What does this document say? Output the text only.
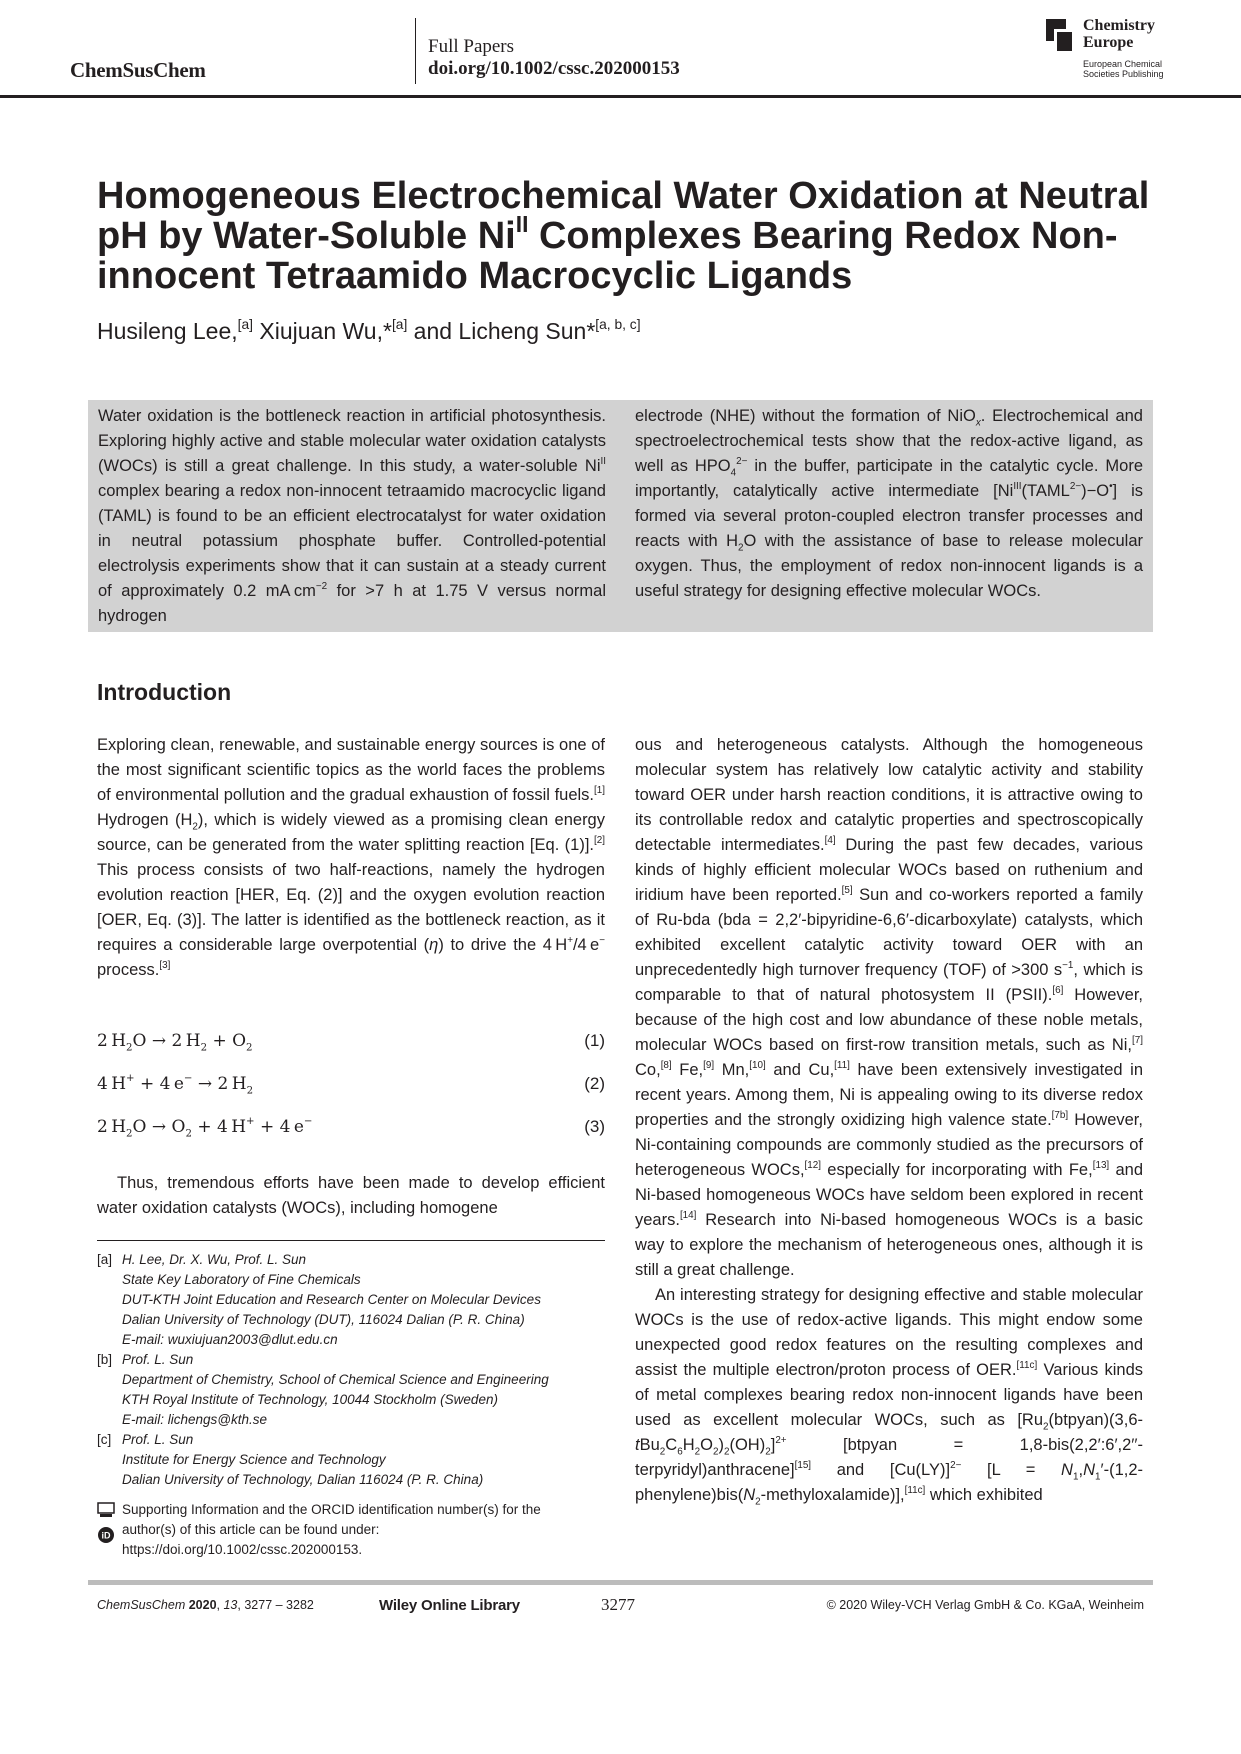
ChemSusChem
Full Papers
doi.org/10.1002/cssc.202000153
Chemistry
Europe
European Chemical
Societies Publishing
Homogeneous Electrochemical Water Oxidation at Neutral pH by Water-Soluble $Ni^{II}$ Complexes Bearing Redox Non-innocent Tetraamido Macrocyclic Ligands
Husileng Lee,[a] Xiujuan Wu,*[a] and Licheng Sun*[a, b, c]
Water oxidation is the bottleneck reaction in artificial photosynthesis. Exploring highly active and stable molecular water oxidation catalysts (WOCs) is still a great challenge. In this study, a water-soluble $Ni^{II}$ complex bearing a redox non-innocent tetraamido macrocyclic ligand (TAML) is found to be an efficient electrocatalyst for water oxidation in neutral potassium phosphate buffer. Controlled-potential electrolysis experiments show that it can sustain at a steady current of approximately 0.2 mA $cm^{-2}$ for >7 h at 1.75 V versus normal hydrogen
electrode (NHE) without the formation of NiO$_x$. Electrochemical and spectroelectrochemical tests show that the redox-active ligand, as well as $HPO_4^{2-}$ in the buffer, participate in the catalytic cycle. More importantly, catalytically active intermediate $[Ni^{III}(TAML^{2-})-O^•]$ is formed via several proton-coupled electron transfer processes and reacts with $H_2O$ with the assistance of base to release molecular oxygen. Thus, the employment of redox non-innocent ligands is a useful strategy for designing effective molecular WOCs.
Introduction

Exploring clean, renewable, and sustainable energy sources is one of the most significant scientific topics as the world faces the problems of environmental pollution and the gradual exhaustion of fossil fuels.[1] Hydrogen $(H_2)$, which is widely viewed as a promising clean energy source, can be generated from the water splitting reaction [Eq. (1)].[2] This process consists of two half-reactions, namely the hydrogen evolution reaction [HER, Eq. (2)] and the oxygen evolution reaction [OER, Eq. (3)]. The latter is identified as the bottleneck reaction, as it requires a considerable large overpotential (η) to drive the 4 H+/4 e− process.[3]

2 $H_2O \to 2$ $H_2 + O_2$	(1)
4 H+ + 4 e− → 2 $H_2$	(2)
2 $H_2O \to O_2 + 4$ H+ + 4 e−	(3)

Thus, tremendous efforts have been made to develop efficient water oxidation catalysts (WOCs), including homogene

ous and heterogeneous catalysts. Although the homogeneous molecular system has relatively low catalytic activity and stability toward OER under harsh reaction conditions, it is attractive owing to its controllable redox and catalytic properties and spectroscopically detectable intermediates.[4] During the past few decades, various kinds of highly efficient molecular WOCs based on ruthenium and iridium have been reported.[5] Sun and co-workers reported a family of Ru-bda (bda = 2,2′-bipyridine-6,6′-dicarboxylate) catalysts, which exhibited excellent catalytic activity toward OER with an unprecedentedly high turnover frequency (TOF) of >300 $s^{-1}$, which is comparable to that of natural photosystem II (PSII).[6] However, because of the high cost and low abundance of these noble metals, molecular WOCs based on first-row transition metals, such as Ni,[7] Co,[8] Fe,[9] Mn,[10] and Cu,[11] have been extensively investigated in recent years. Among them, Ni is appealing owing to its diverse redox properties and the strongly oxidizing high valence state.[7b] However, Ni-containing compounds are commonly studied as the precursors of heterogeneous WOCs,[12] especially for incorporating with Fe,[13] and Ni-based homogeneous WOCs have seldom been explored in recent years.[14] Research into Ni-based homogeneous WOCs is a basic way to explore the mechanism of heterogeneous ones, although it is still a great challenge.

An interesting strategy for designing effective and stable molecular WOCs is the use of redox-active ligands. This might endow some unexpected good redox features on the resulting complexes and assist the multiple electron/proton process of OER.[11c] Various kinds of metal complexes bearing redox non-innocent ligands have been used as excellent molecular WOCs, such as $[Ru_2(btpyan)(3,6-tBu_2C_6H_2O_2)_2(OH)_2]^{2+}$ [btpyan = 1,8-bis(2,2′:6′,2′′-terpyridyl)anthracene][15] and $[Cu(LY)]^{2-}$ $[L = N_1,N_1'-(1,2-phenylene)bis(N_2-methyloxalamide)],[11c]$ which exhibited

[a] H. Lee, Dr. X. Wu, Prof. L. Sun
State Key Laboratory of Fine Chemicals
DUT-KTH Joint Education and Research Center on Molecular Devices
Dalian University of Technology (DUT), 116024 Dalian (P. R. China)
E-mail: wuxiujuan2003@dlut.edu.cn
[b] Prof. L. Sun
Department of Chemistry, School of Chemical Science and Engineering
KTH Royal Institute of Technology, 10044 Stockholm (Sweden)
E-mail: lichengs@kth.se
[c] Prof. L. Sun
Institute for Energy Science and Technology
Dalian University of Technology, Dalian 116024 (P. R. China)
iD
Supporting Information and the ORCID identification number(s) for the
author(s) of this article can be found under:
https://doi.org/10.1002/cssc.202000153.
ChemSusChem 2020, 13, 3277 – 3282	Wiley Online Library	3277	© 2020 Wiley-VCH Verlag GmbH & Co. KGaA, Weinheim
